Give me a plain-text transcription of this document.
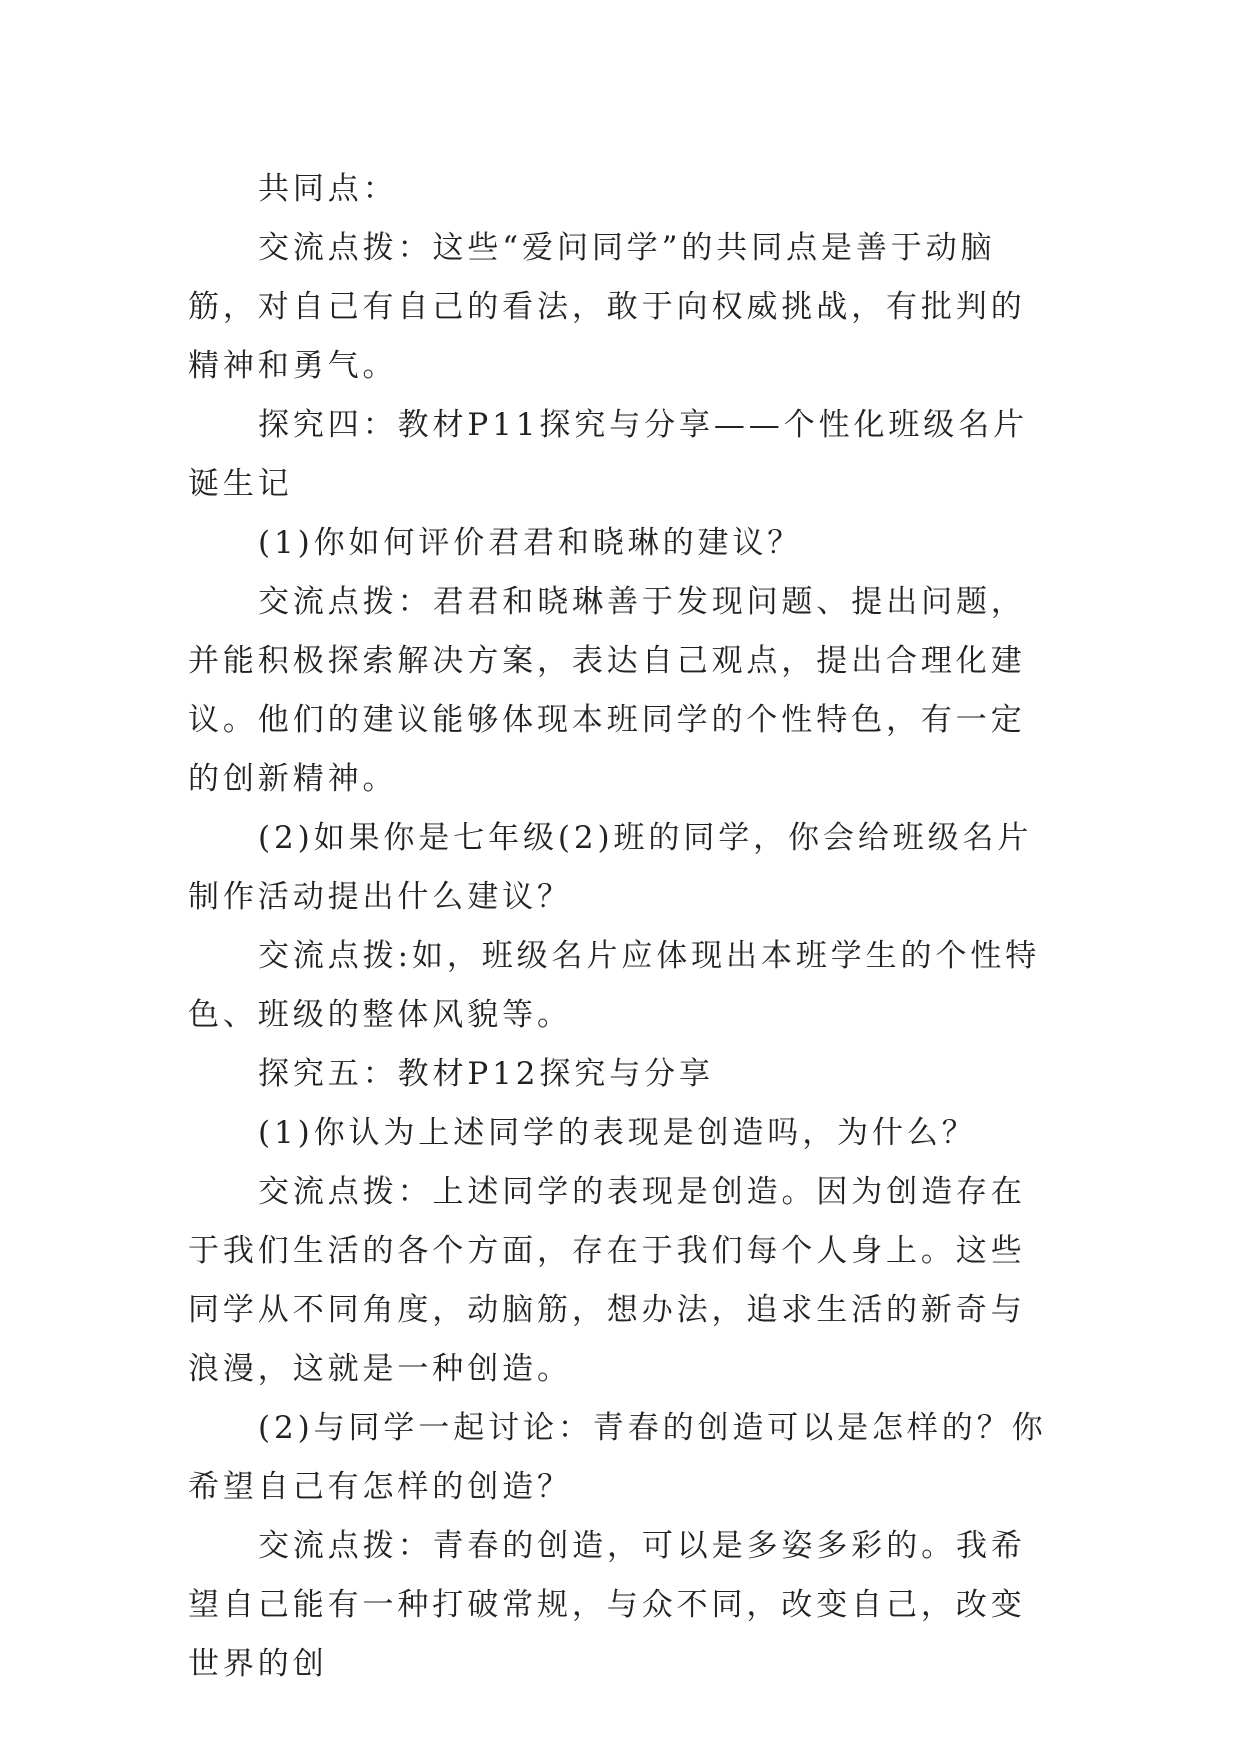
共同点：

交流点拨：这些“爱问同学”的共同点是善于动脑筋，对自己有自己的看法，敢于向权威挑战，有批判的精神和勇气。

探究四：教材P11探究与分享——个性化班级名片诞生记

(1)你如何评价君君和晓琳的建议？

交流点拨：君君和晓琳善于发现问题、提出问题，并能积极探索解决方案，表达自己观点，提出合理化建议。他们的建议能够体现本班同学的个性特色，有一定的创新精神。

(2)如果你是七年级(2)班的同学，你会给班级名片制作活动提出什么建议？

交流点拨:如，班级名片应体现出本班学生的个性特色、班级的整体风貌等。

探究五：教材P12探究与分享

(1)你认为上述同学的表现是创造吗，为什么？

交流点拨：上述同学的表现是创造。因为创造存在于我们生活的各个方面，存在于我们每个人身上。这些同学从不同角度，动脑筋，想办法，追求生活的新奇与浪漫，这就是一种创造。

(2)与同学一起讨论：青春的创造可以是怎样的？你希望自己有怎样的创造？

交流点拨：青春的创造，可以是多姿多彩的。我希望自己能有一种打破常规，与众不同，改变自己，改变世界的创
